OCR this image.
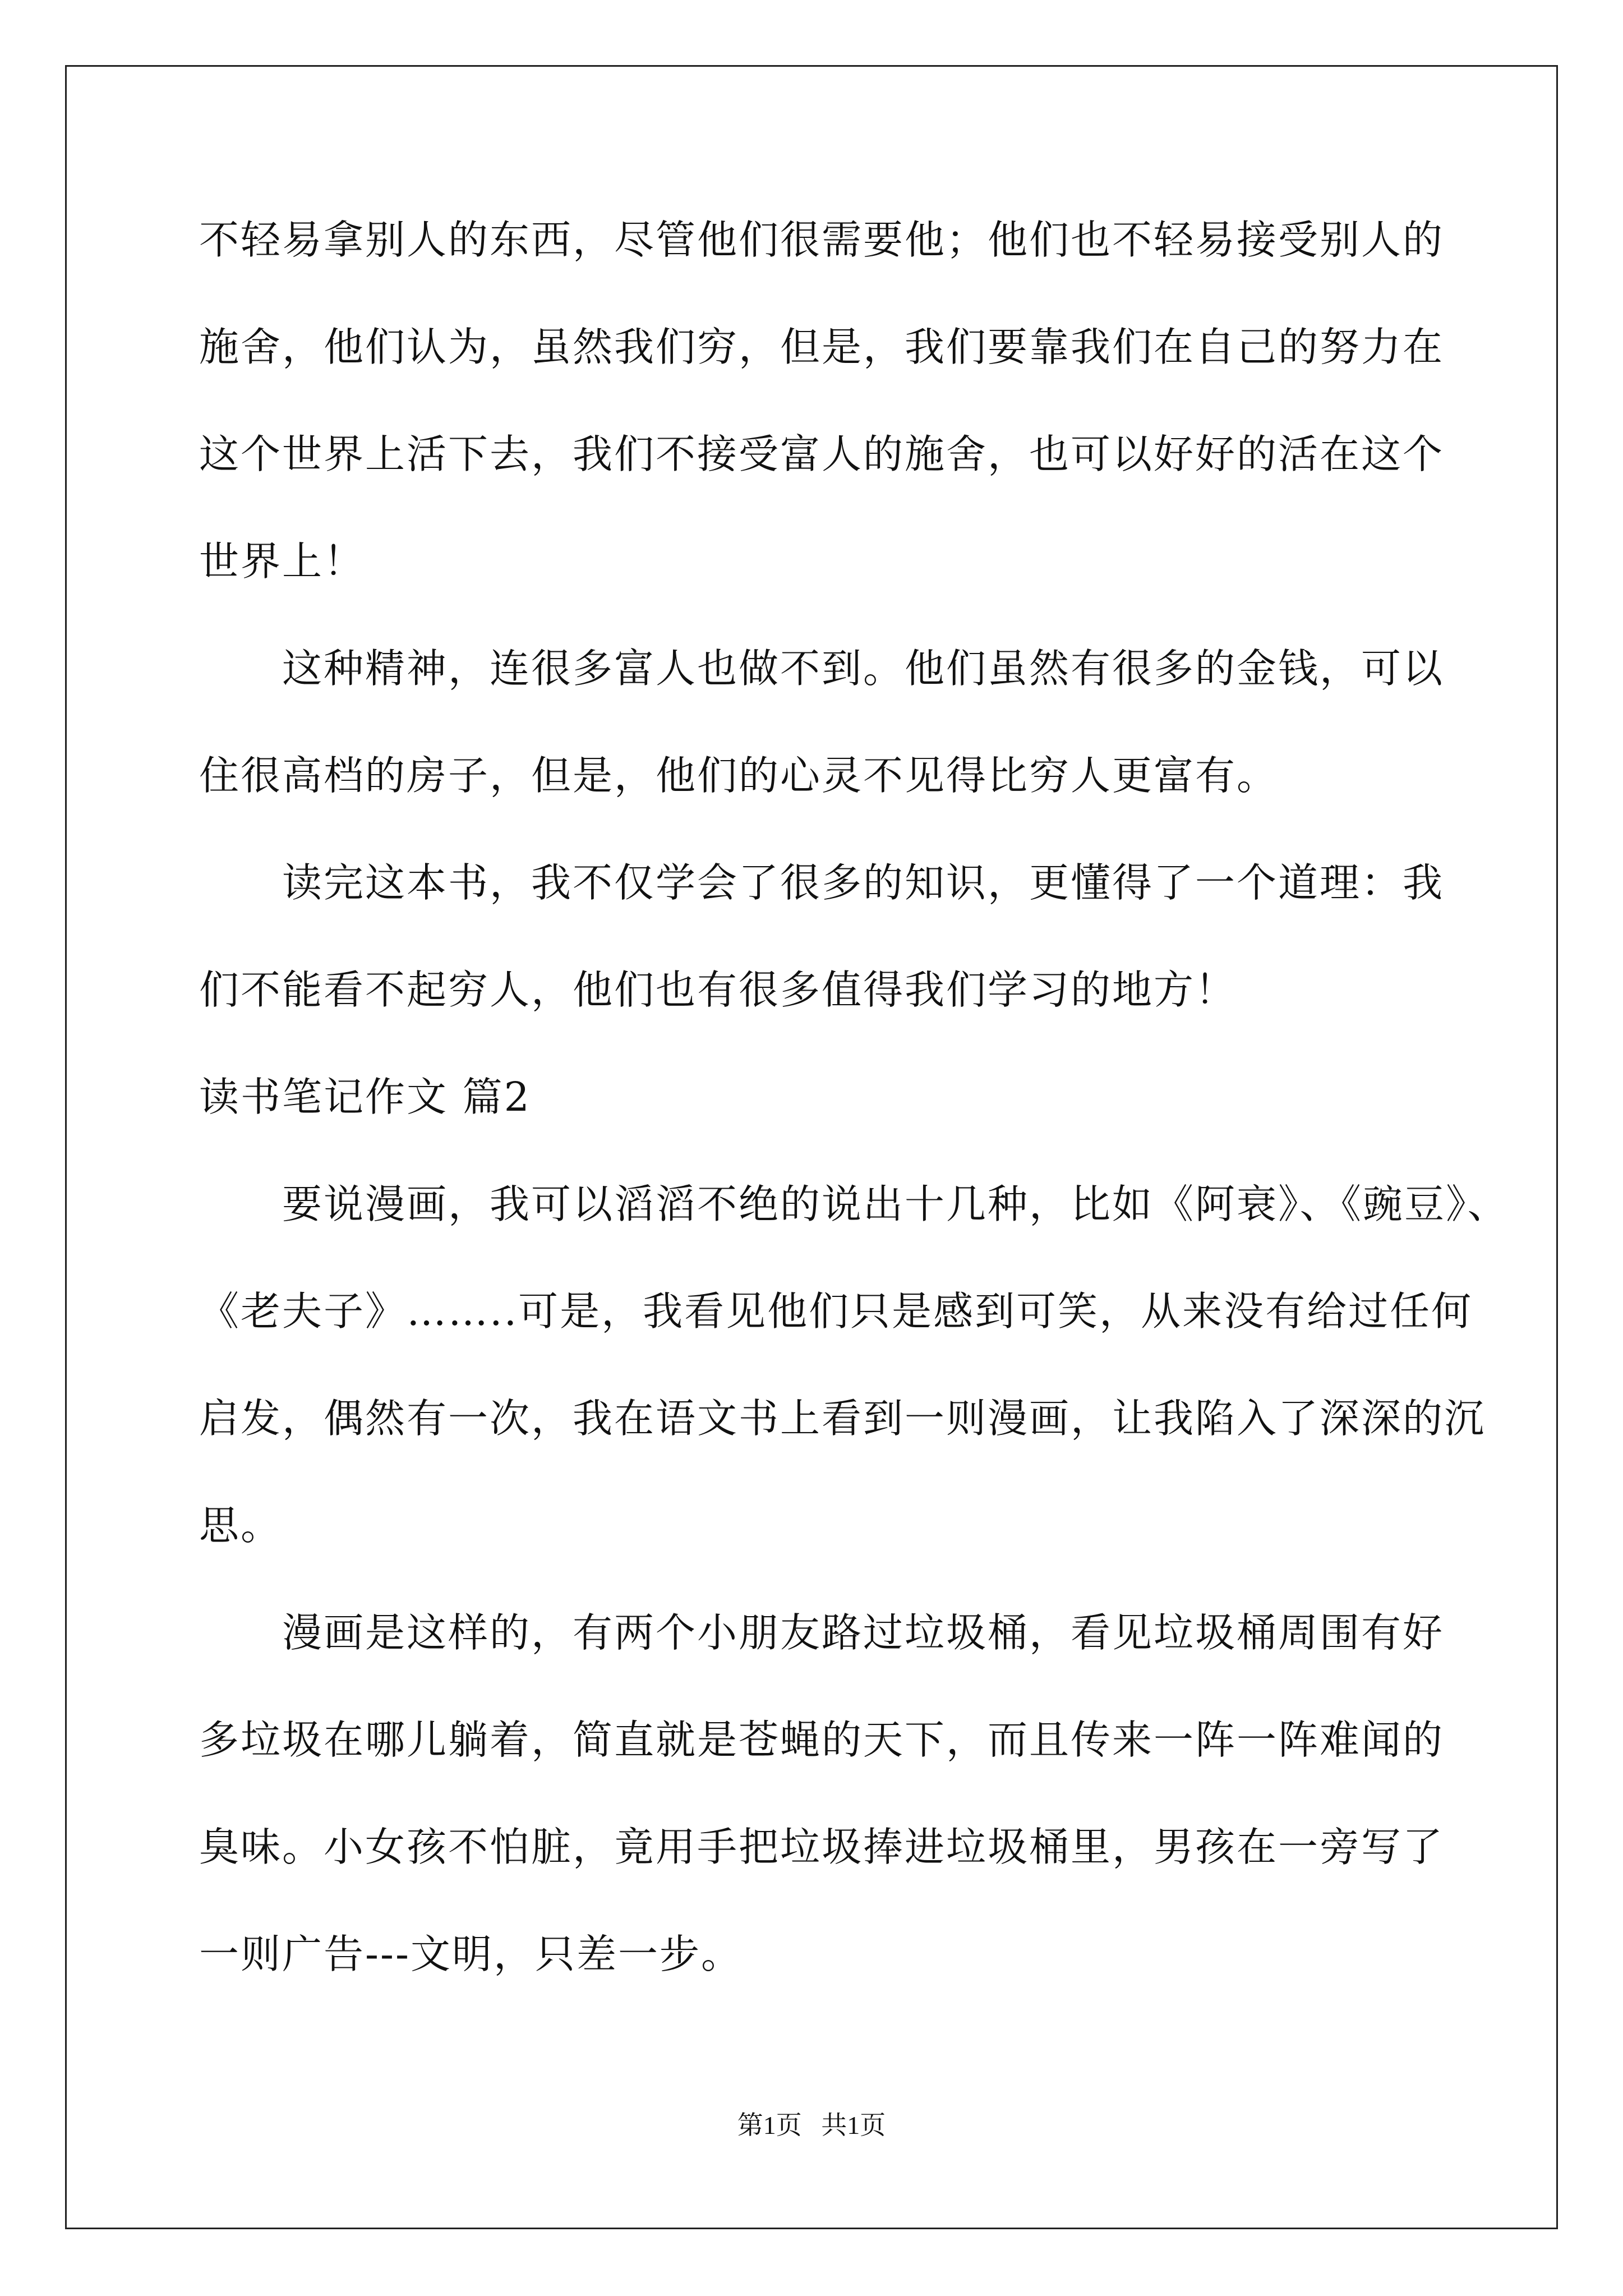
不轻易拿别人的东西，尽管他们很需要他；他们也不轻易接受别人的
施舍，他们认为，虽然我们穷，但是，我们要靠我们在自己的努力在
这个世界上活下去，我们不接受富人的施舍，也可以好好的活在这个
世界上！
这种精神，连很多富人也做不到。他们虽然有很多的金钱，可以
住很高档的房子，但是，他们的心灵不见得比穷人更富有。
读完这本书，我不仅学会了很多的知识，更懂得了一个道理：我
们不能看不起穷人，他们也有很多值得我们学习的地方！
读书笔记作文 篇2
要说漫画，我可以滔滔不绝的说出十几种，比如《阿衰》、《豌豆》、
《老夫子》……..可是，我看见他们只是感到可笑，从来没有给过任何
启发，偶然有一次，我在语文书上看到一则漫画，让我陷入了深深的沉
思。
漫画是这样的，有两个小朋友路过垃圾桶，看见垃圾桶周围有好
多垃圾在哪儿躺着，简直就是苍蝇的天下，而且传来一阵一阵难闻的
臭味。小女孩不怕脏，竟用手把垃圾捧进垃圾桶里，男孩在一旁写了
一则广告---文明，只差一步。
第1页   共1页
